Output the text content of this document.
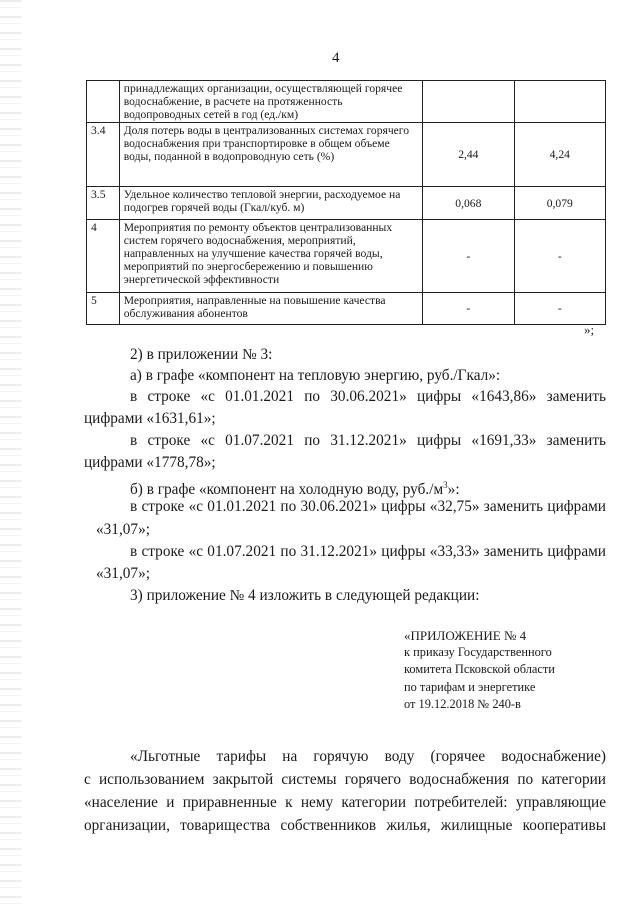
4
	принадлежащих организации, осуществляющей горячее водоснабжение, в расчете на протяженность водопроводных сетей в год (ед./км)		
3.4	Доля потерь воды в централизованных системах горячего водоснабжения при транспортировке в общем объеме воды, поданной в водопроводную сеть (%)	2,44	4,24
3.5	Удельное количество тепловой энергии, расходуемое на подогрев горячей воды (Гкал/куб. м)	0,068	0,079
4	Мероприятия по ремонту объектов централизованных систем горячего водоснабжения, мероприятий, направленных на улучшение качества горячей воды, мероприятий по энергосбережению и повышению энергетической эффективности	-	-
5	Мероприятия, направленные на повышение качества обслуживания абонентов	-	-
»;
2) в приложении № 3:
а) в графе «компонент на тепловую энергию, руб./Гкал»:
в строке «с 01.01.2021 по 30.06.2021» цифры «1643,86» заменить
цифрами «1631,61»;
в строке «с 01.07.2021 по 31.12.2021» цифры «1691,33» заменить
цифрами «1778,78»;
б) в графе «компонент на холодную воду, $руб./м^3$»:
в строке «с 01.01.2021 по 30.06.2021» цифры «32,75» заменить цифрами
«31,07»;
в строке «с 01.07.2021 по 31.12.2021» цифры «33,33» заменить цифрами
«31,07»;
3) приложение № 4 изложить в следующей редакции:
«ПРИЛОЖЕНИЕ № 4
к приказу Государственного
комитета Псковской области
по тарифам и энергетике
от 19.12.2018 № 240-в
«Льготные тарифы на горячую воду (горячее водоснабжение)
с использованием закрытой системы горячего водоснабжения по категории
«население и приравненные к нему категории потребителей: управляющие
организации, товарищества собственников жилья, жилищные кооперативы
